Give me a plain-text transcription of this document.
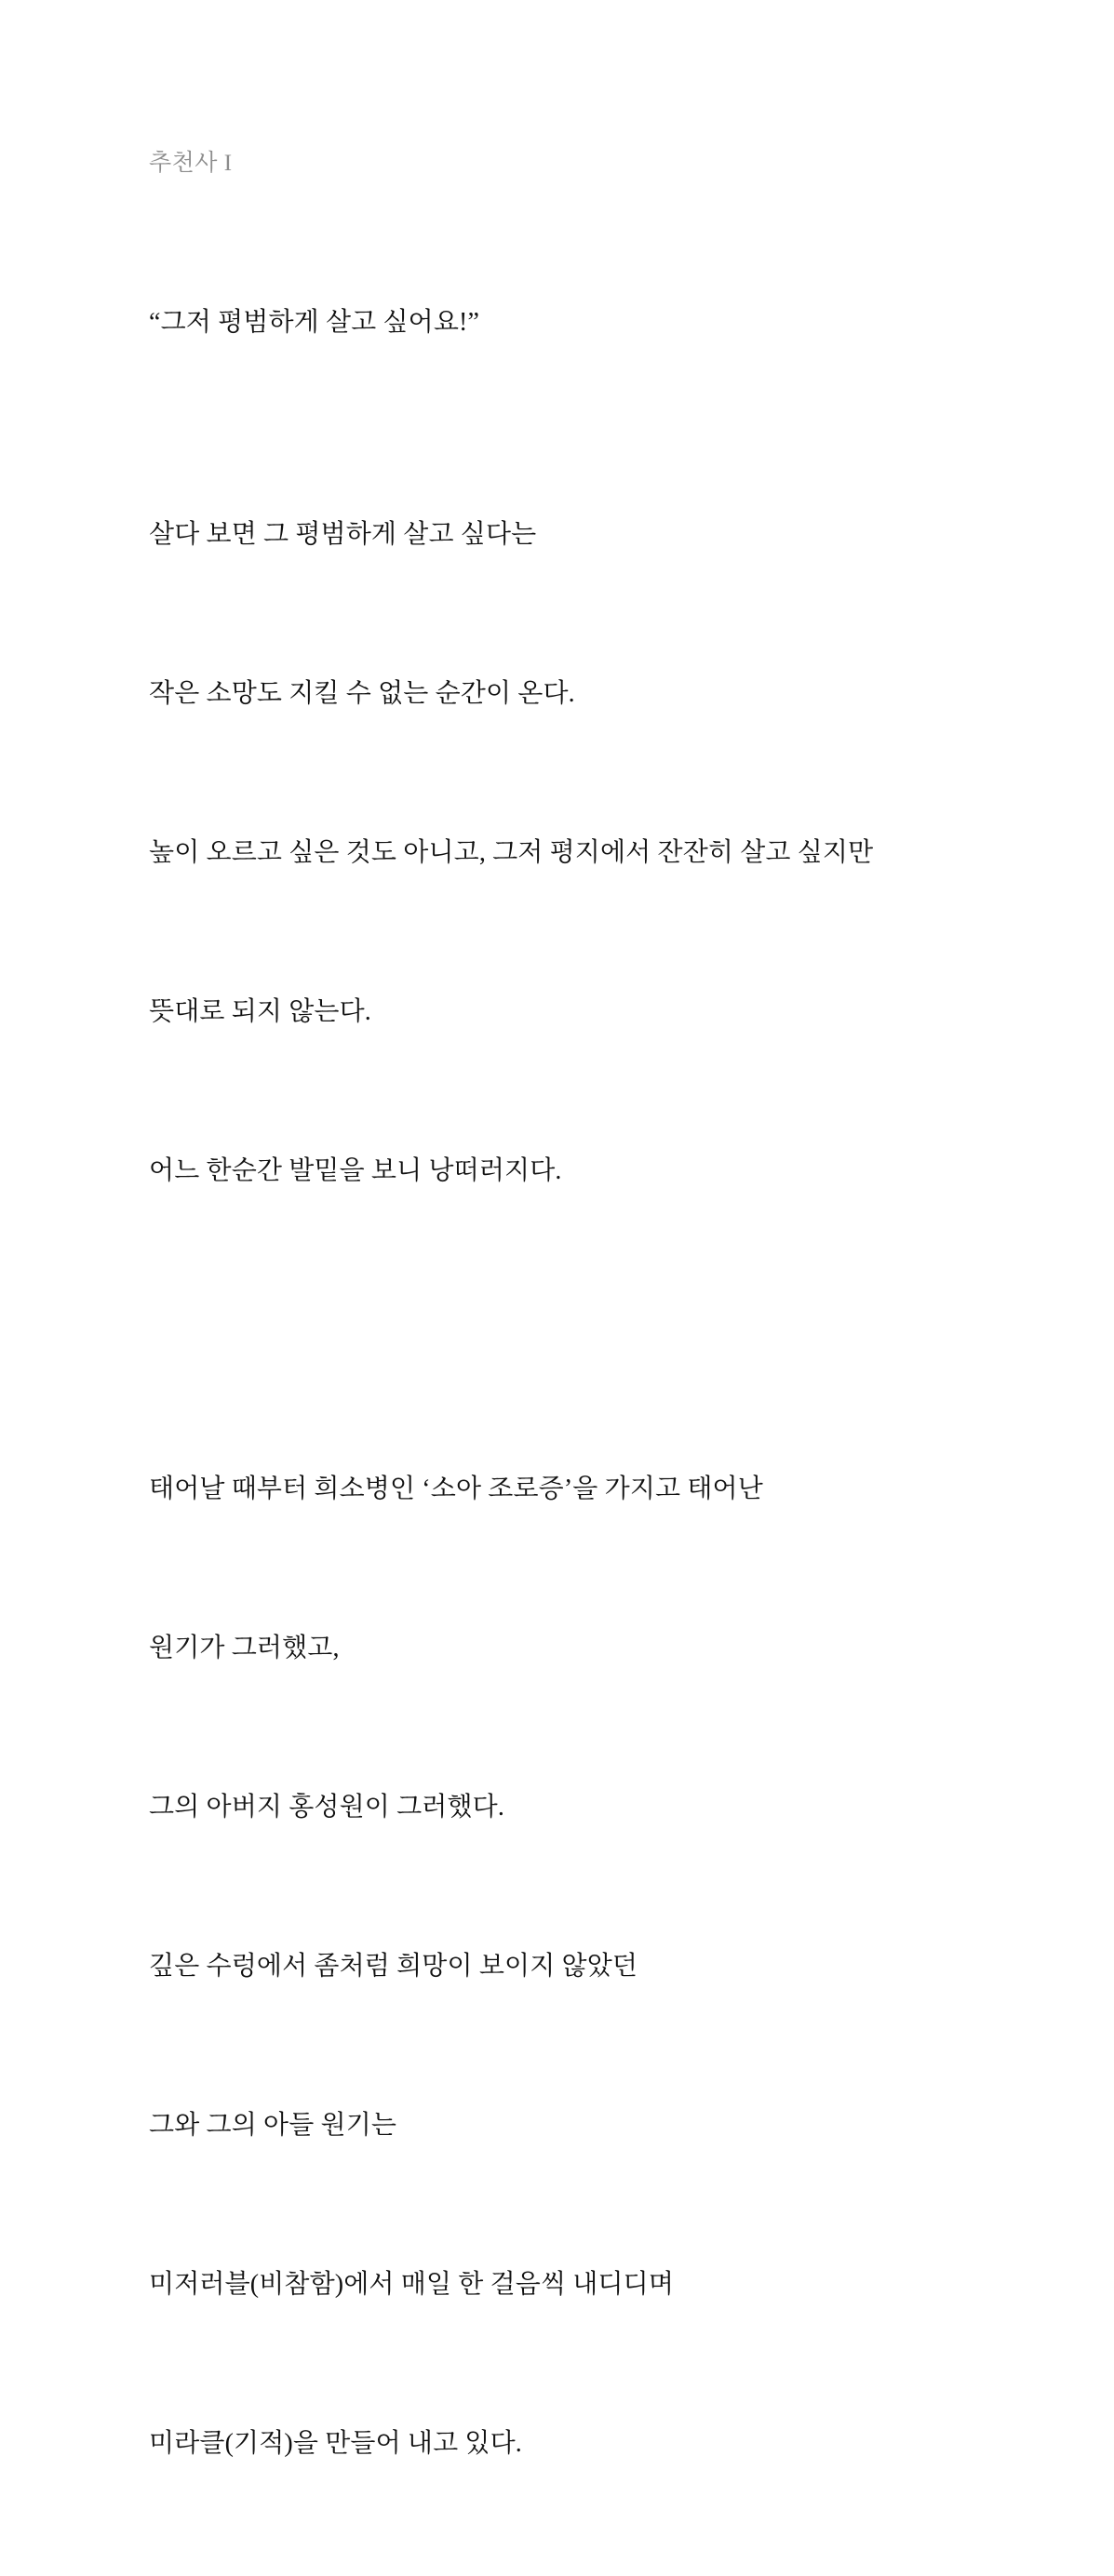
추천사 I

“그저 평범하게 살고 싶어요!”

살다 보면 그 평범하게 살고 싶다는

작은 소망도 지킬 수 없는 순간이 온다.

높이 오르고 싶은 것도 아니고, 그저 평지에서 잔잔히 살고 싶지만

뜻대로 되지 않는다.

어느 한순간 발밑을 보니 낭떠러지다.

태어날 때부터 희소병인 ‘소아 조로증’을 가지고 태어난

원기가 그러했고,

그의 아버지 홍성원이 그러했다.

깊은 수렁에서 좀처럼 희망이 보이지 않았던

그와 그의 아들 원기는

미저러블(비참함)에서 매일 한 걸음씩 내디디며

미라클(기적)을 만들어 내고 있다.
